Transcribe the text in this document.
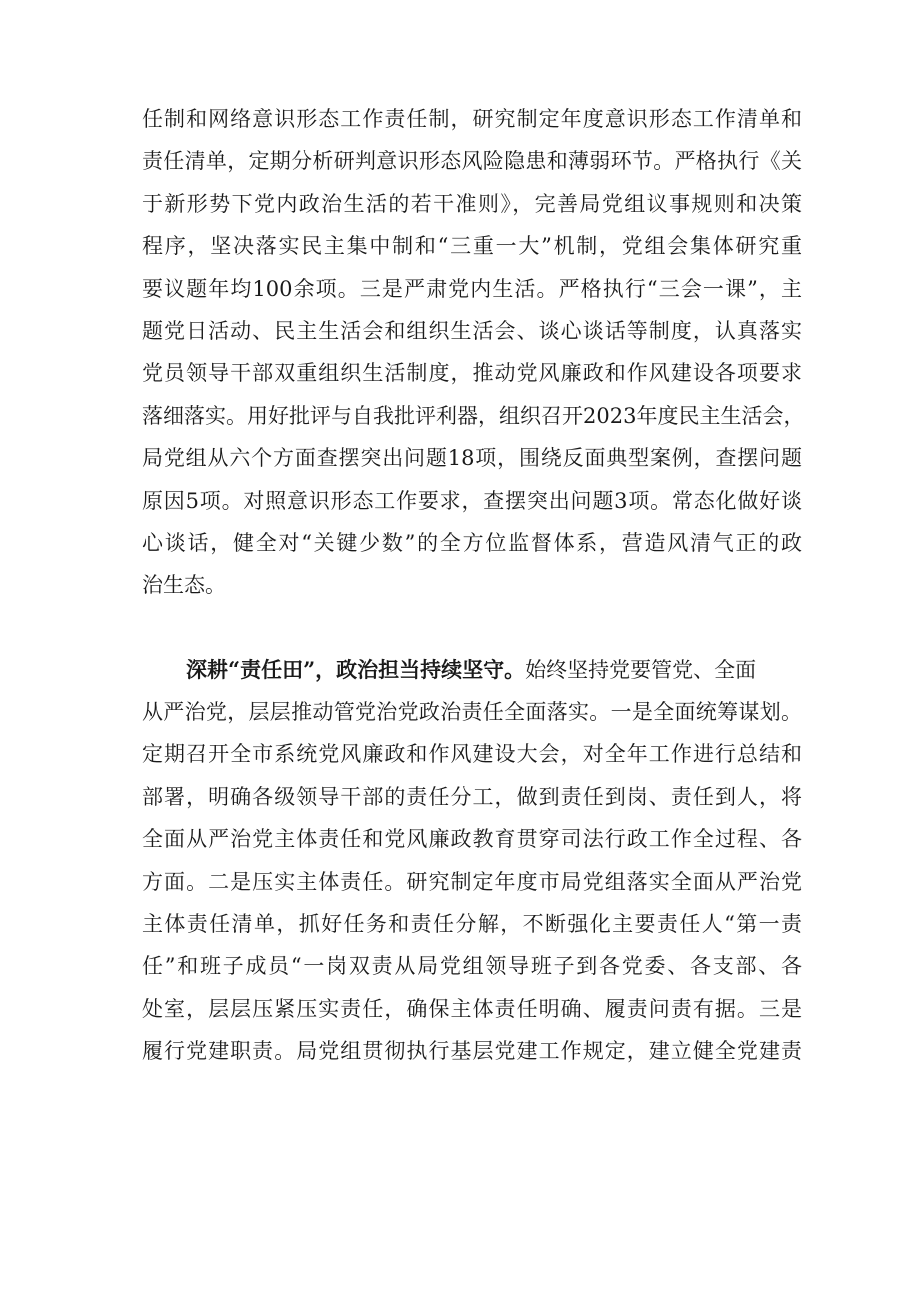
任制和网络意识形态工作责任制，研究制定年度意识形态工作清单和
责任清单，定期分析研判意识形态风险隐患和薄弱环节。严格执行《关
于新形势下党内政治生活的若干准则》，完善局党组议事规则和决策
程序，坚决落实民主集中制和“三重一大”机制，党组会集体研究重
要议题年均100余项。三是严肃党内生活。严格执行“三会一课”，主
题党日活动、民主生活会和组织生活会、谈心谈话等制度，认真落实
党员领导干部双重组织生活制度，推动党风廉政和作风建设各项要求
落细落实。用好批评与自我批评利器，组织召开2023年度民主生活会，
局党组从六个方面查摆突出问题18项，围绕反面典型案例，查摆问题
原因5项。对照意识形态工作要求，查摆突出问题3项。常态化做好谈
心谈话，健全对“关键少数”的全方位监督体系，营造风清气正的政
治生态。
深耕“责任田”，政治担当持续坚守。始终坚持党要管党、全面
从严治党，层层推动管党治党政治责任全面落实。一是全面统筹谋划。
定期召开全市系统党风廉政和作风建设大会，对全年工作进行总结和
部署，明确各级领导干部的责任分工，做到责任到岗、责任到人，将
全面从严治党主体责任和党风廉政教育贯穿司法行政工作全过程、各
方面。二是压实主体责任。研究制定年度市局党组落实全面从严治党
主体责任清单，抓好任务和责任分解，不断强化主要责任人“第一责
任”和班子成员“一岗双责从局党组领导班子到各党委、各支部、各
处室，层层压紧压实责任，确保主体责任明确、履责问责有据。三是
履行党建职责。局党组贯彻执行基层党建工作规定，建立健全党建责
